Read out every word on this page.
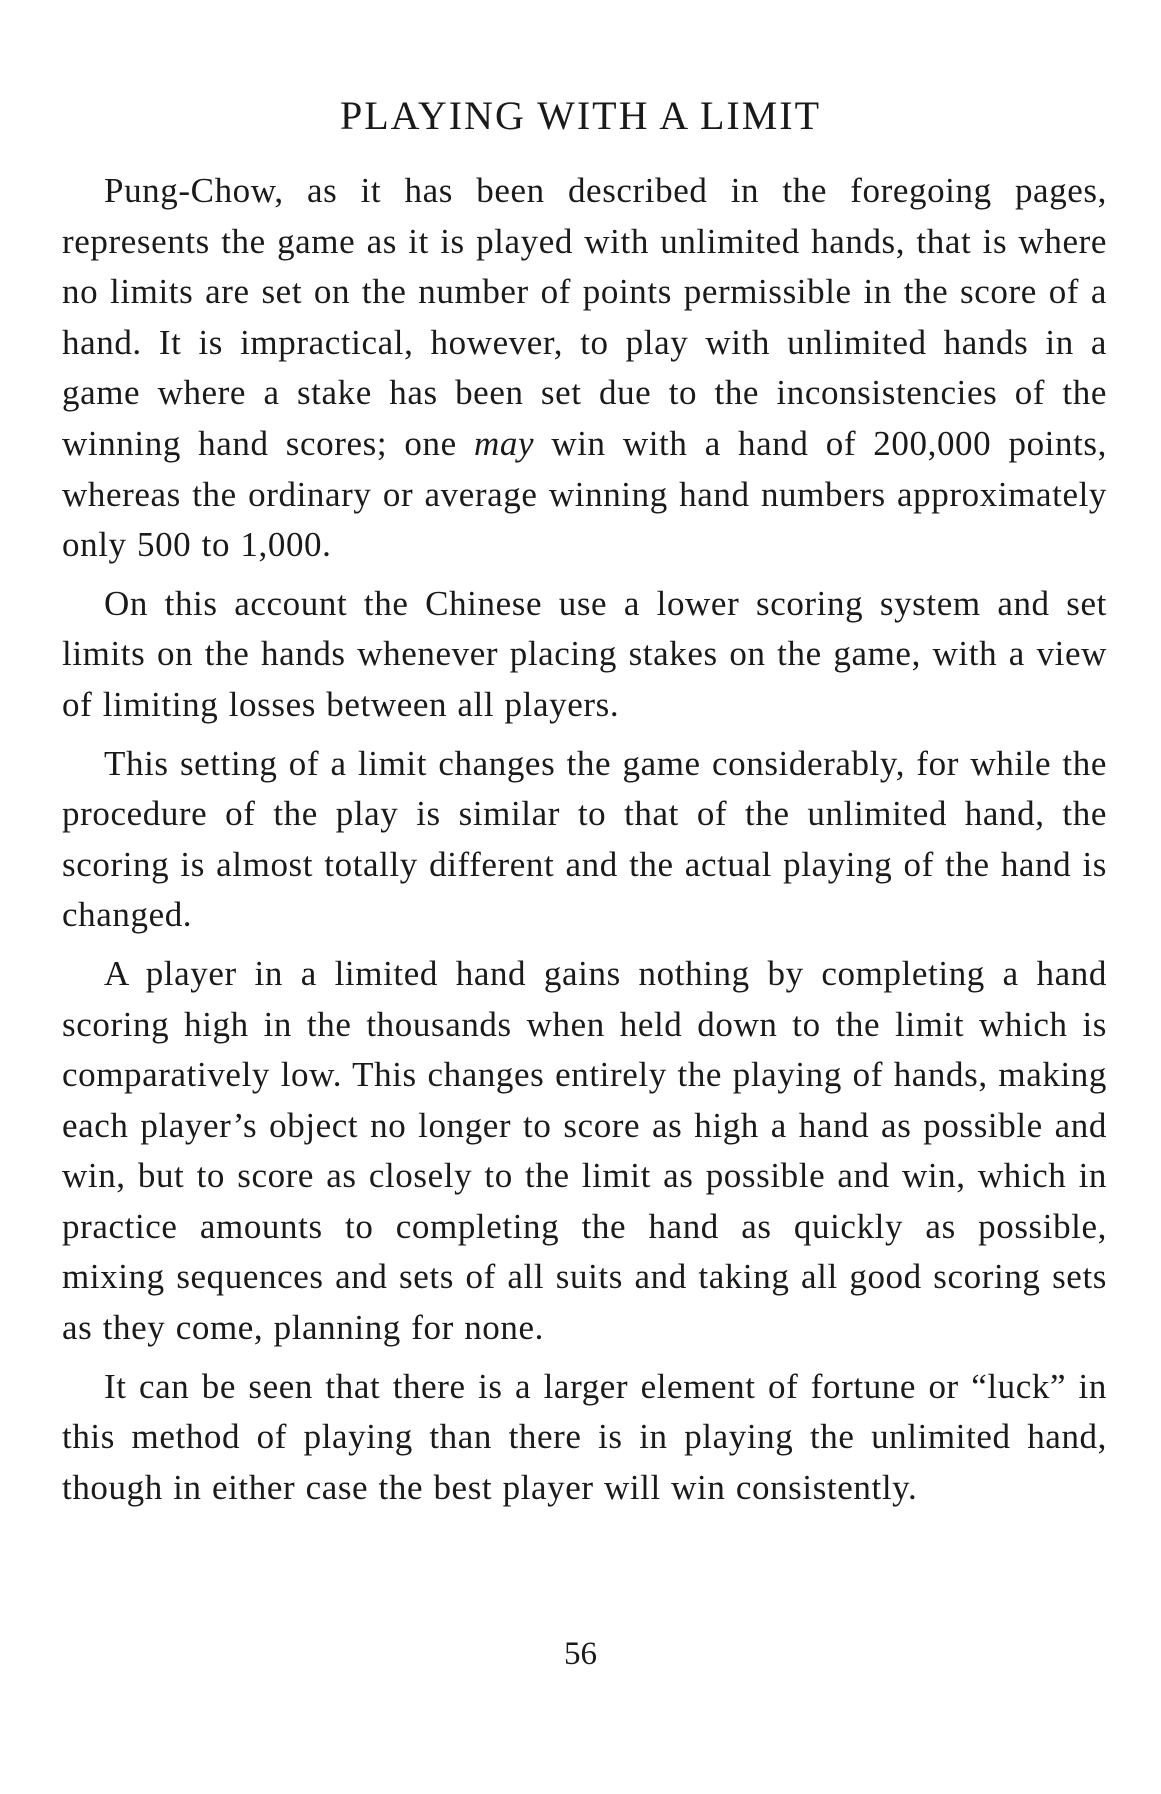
PLAYING WITH A LIMIT

Pung-Chow, as it has been described in the foregoing pages, represents the game as it is played with unlimited hands, that is where no limits are set on the number of points permissible in the score of a hand. It is impractical, however, to play with unlimited hands in a game where a stake has been set due to the inconsistencies of the winning hand scores; one may win with a hand of 200,000 points, whereas the ordinary or average winning hand numbers approximately only 500 to 1,000.

On this account the Chinese use a lower scoring system and set limits on the hands whenever placing stakes on the game, with a view of limiting losses between all players.

This setting of a limit changes the game considerably, for while the procedure of the play is similar to that of the unlimited hand, the scoring is almost totally different and the actual playing of the hand is changed.

A player in a limited hand gains nothing by completing a hand scoring high in the thousands when held down to the limit which is comparatively low. This changes entirely the playing of hands, making each player’s object no longer to score as high a hand as possible and win, but to score as closely to the limit as possible and win, which in practice amounts to completing the hand as quickly as possible, mixing sequences and sets of all suits and taking all good scoring sets as they come, planning for none.

It can be seen that there is a larger element of fortune or “luck” in this method of playing than there is in playing the unlimited hand, though in either case the best player will win consistently.

56
